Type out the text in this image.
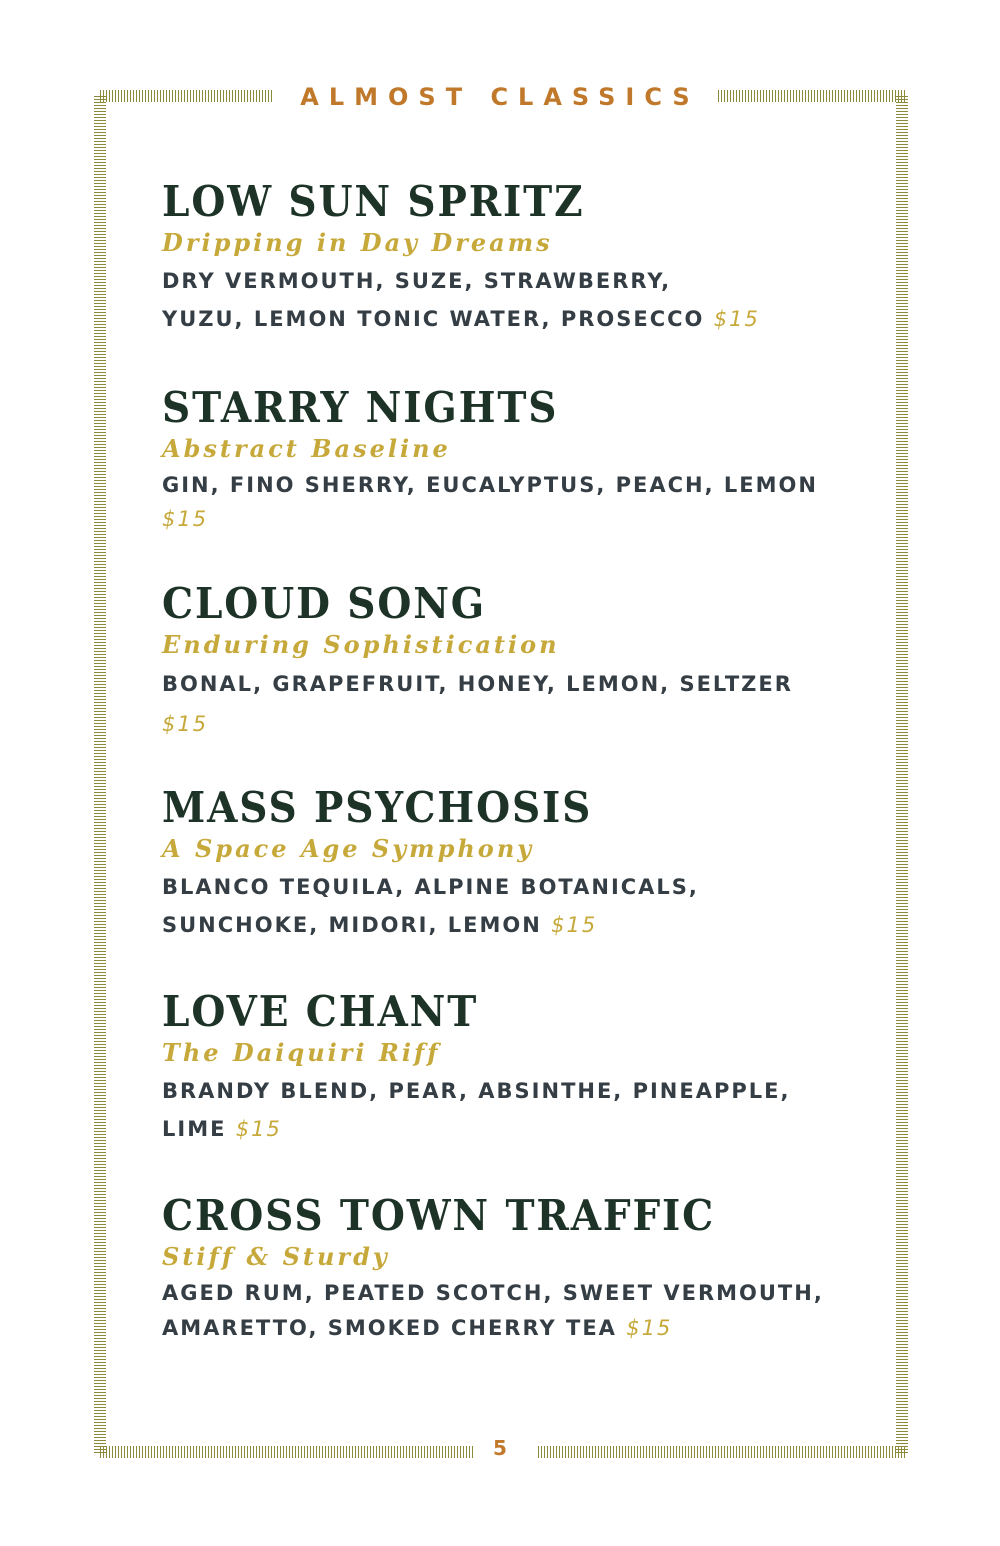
ALMOST CLASSICS
LOW SUN SPRITZ
Dripping in Day Dreams
DRY VERMOUTH, SUZE, STRAWBERRY, YUZU, LEMON TONIC WATER, PROSECCO $15
STARRY NIGHTS
Abstract Baseline
GIN, FINO SHERRY, EUCALYPTUS, PEACH, LEMON $15
CLOUD SONG
Enduring Sophistication
BONAL, GRAPEFRUIT, HONEY, LEMON, SELTZER $15
MASS PSYCHOSIS
A Space Age Symphony
BLANCO TEQUILA, ALPINE BOTANICALS, SUNCHOKE, MIDORI, LEMON $15
LOVE CHANT
The Daiquiri Riff
BRANDY BLEND, PEAR, ABSINTHE, PINEAPPLE, LIME $15
CROSS TOWN TRAFFIC
Stiff & Sturdy
AGED RUM, PEATED SCOTCH, SWEET VERMOUTH, AMARETTO, SMOKED CHERRY TEA $15
5
